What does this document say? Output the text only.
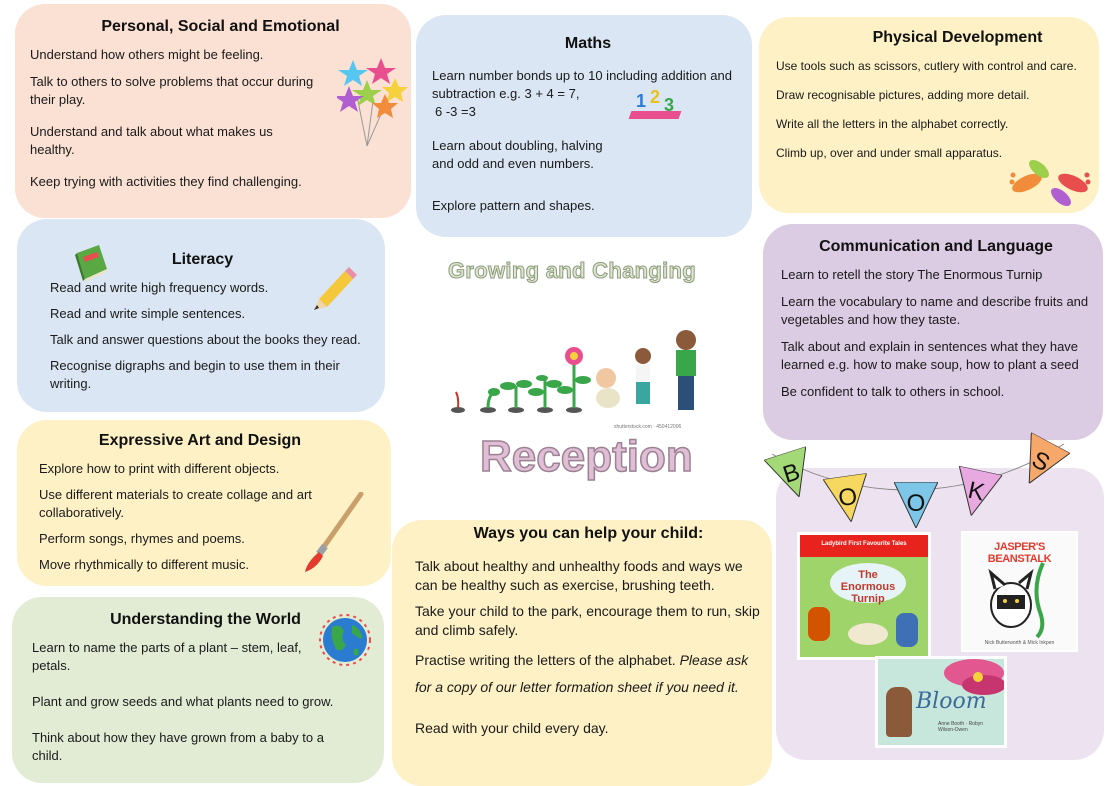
Personal, Social and Emotional

Understand how others might be feeling.

Talk to others to solve problems that occur during their play.

Understand and talk about what makes us healthy.

Keep trying with activities they find challenging.

Maths

Learn number bonds up to 10 including addition and subtraction e.g. 3 + 4 = 7,

6 -3 =3

Learn about doubling, halving and odd and even numbers.

Explore pattern and shapes.

1 2 3
Physical Development

Use tools such as scissors, cutlery with control and care.

Draw recognisable pictures, adding more detail.

Write all the letters in the alphabet correctly.

Climb up, over and under small apparatus.

Literacy

Read and write high frequency words.

Read and write simple sentences.

Talk and answer questions about the books they read.

Recognise digraphs and begin to use them in their writing.

Growing and Changing
shutterstock.com · 450412006
Reception
Communication and Language

Learn to retell the story The Enormous Turnip

Learn the vocabulary to name and describe fruits and vegetables and how they taste.

Talk about and explain in sentences what they have learned e.g. how to make soup, how to plant a seed

Be confident to talk to others in school.

Expressive Art and Design

Explore how to print with different objects.

Use different materials to create collage and art collaboratively.

Perform songs, rhymes and poems.

Move rhythmically to different music.

Understanding the World

Learn to name the parts of a plant – stem, leaf, petals.

Plant and grow seeds and what plants need to grow.

Think about how they have grown from a baby to a child.

Ways you can help your child:

Talk about healthy and unhealthy foods and ways we can be healthy such as exercise, brushing teeth.

Take your child to the park, encourage them to run, skip and climb safely.

Practise writing the letters of the alphabet. Please ask for a copy of our letter formation sheet if you need it.

Read with your child every day.

B
O	O	K
S
Ladybird First Favourite Tales
The Enormous Turnip
JASPER'S BEANSTALK
Nick Butterworth & Mick Inkpen
Bloom
Anne Booth · Robyn Wilson-Owen
